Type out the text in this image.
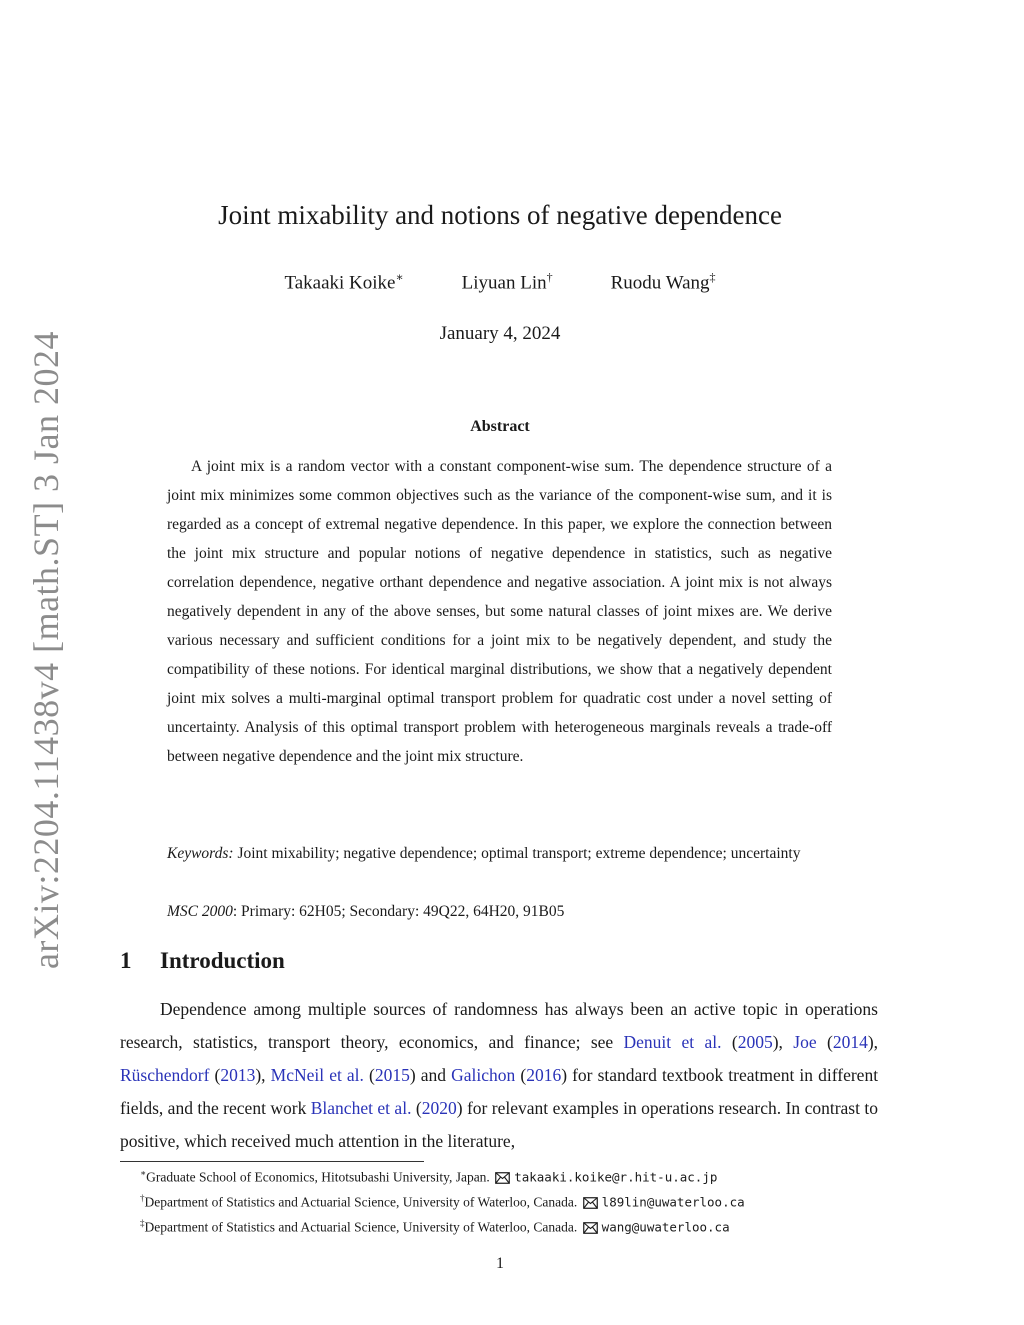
arXiv:2204.11438v4 [math.ST] 3 Jan 2024
Joint mixability and notions of negative dependence
Takaaki Koike∗	Liyuan Lin†	Ruodu Wang‡
January 4, 2024
Abstract

A joint mix is a random vector with a constant component-wise sum. The dependence structure of a joint mix minimizes some common objectives such as the variance of the component-wise sum, and it is regarded as a concept of extremal negative dependence. In this paper, we explore the connection between the joint mix structure and popular notions of negative dependence in statistics, such as negative correlation dependence, negative orthant dependence and negative association. A joint mix is not always negatively dependent in any of the above senses, but some natural classes of joint mixes are. We derive various necessary and sufficient conditions for a joint mix to be negatively dependent, and study the compatibility of these notions. For identical marginal distributions, we show that a negatively dependent joint mix solves a multi-marginal optimal transport problem for quadratic cost under a novel setting of uncertainty. Analysis of this optimal transport problem with heterogeneous marginals reveals a trade-off between negative dependence and the joint mix structure.

Keywords: Joint mixability; negative dependence; optimal transport; extreme dependence; uncertainty

MSC 2000: Primary: 62H05; Secondary: 49Q22, 64H20, 91B05

1 Introduction

Dependence among multiple sources of randomness has always been an active topic in operations research, statistics, transport theory, economics, and finance; see Denuit et al. (2005), Joe (2014), Rüschendorf (2013), McNeil et al. (2015) and Galichon (2016) for standard textbook treatment in different fields, and the recent work Blanchet et al. (2020) for relevant examples in operations research. In contrast to positive, which received much attention in the literature,

∗Graduate School of Economics, Hitotsubashi University, Japan. takaaki.koike@r.hit-u.ac.jp
†Department of Statistics and Actuarial Science, University of Waterloo, Canada. l89lin@uwaterloo.ca
‡Department of Statistics and Actuarial Science, University of Waterloo, Canada. wang@uwaterloo.ca
1
